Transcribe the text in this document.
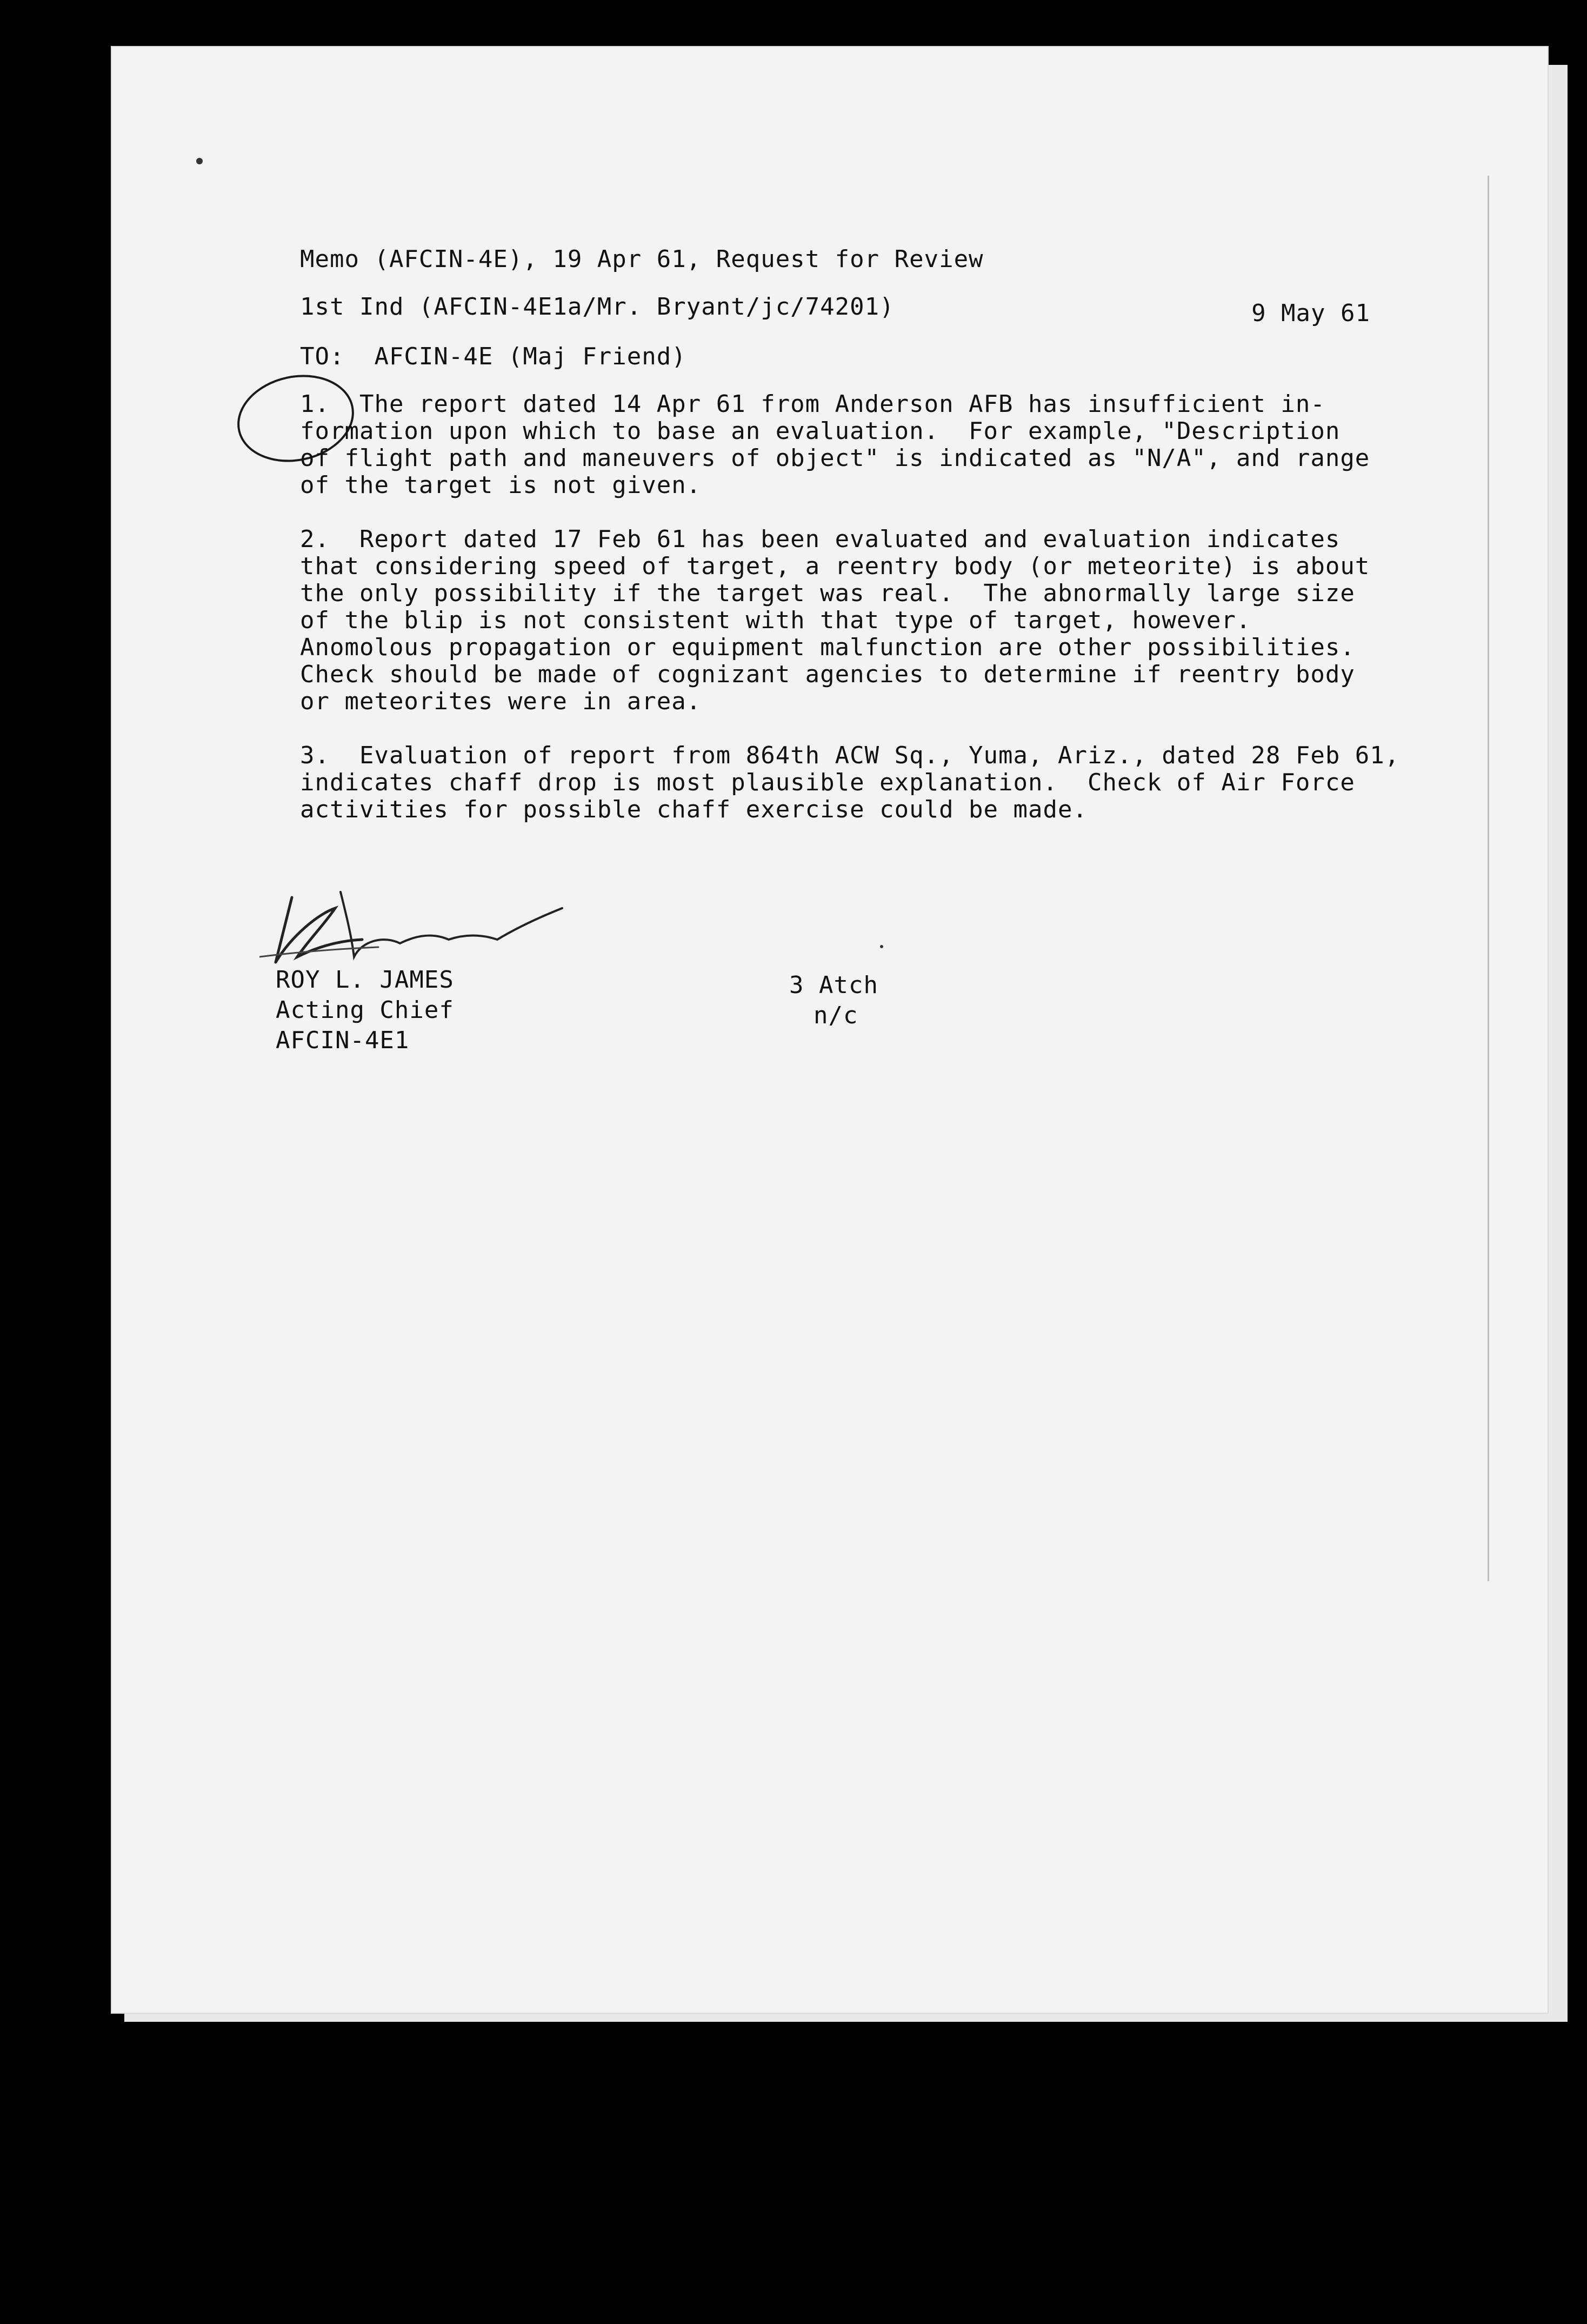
Memo (AFCIN-4E), 19 Apr 61, Request for Review
1st Ind (AFCIN-4E1a/Mr. Bryant/jc/74201)	9 May 61
TO:  AFCIN-4E (Maj Friend)
1.  The report dated 14 Apr 61 from Anderson AFB has insufficient in-
formation upon which to base an evaluation.  For example, "Description
of flight path and maneuvers of object" is indicated as "N/A", and range
of the target is not given.
2.  Report dated 17 Feb 61 has been evaluated and evaluation indicates
that considering speed of target, a reentry body (or meteorite) is about
the only possibility if the target was real.  The abnormally large size
of the blip is not consistent with that type of target, however.
Anomolous propagation or equipment malfunction are other possibilities.
Check should be made of cognizant agencies to determine if reentry body
or meteorites were in area.
3.  Evaluation of report from 864th ACW Sq., Yuma, Ariz., dated 28 Feb 61,
indicates chaff drop is most plausible explanation.  Check of Air Force
activities for possible chaff exercise could be made.
ROY L. JAMES
Acting Chief
AFCIN-4E1
3 Atch
n/c
